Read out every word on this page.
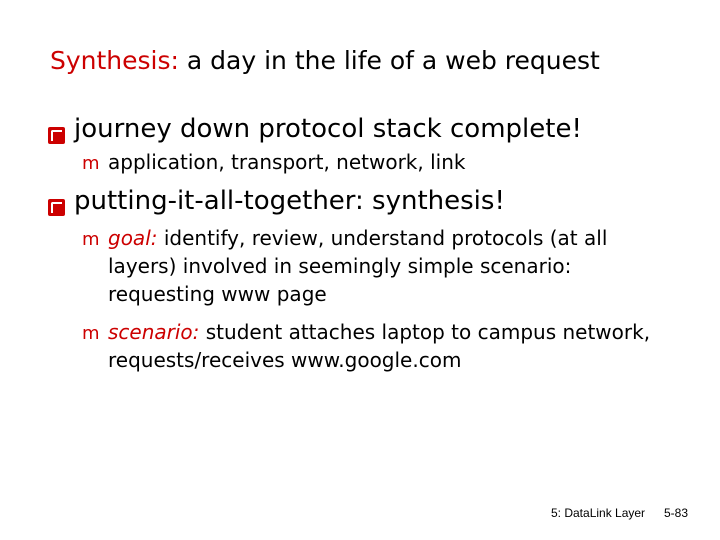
Synthesis: a day in the life of a web request
journey down protocol stack complete!
m application, transport, network, link
putting-it-all-together: synthesis!
m goal: identify, review, understand protocols (at all layers) involved in seemingly simple scenario: requesting www page
m scenario: student attaches laptop to campus network, requests/receives www.google.com
5: DataLink Layer 5-83
